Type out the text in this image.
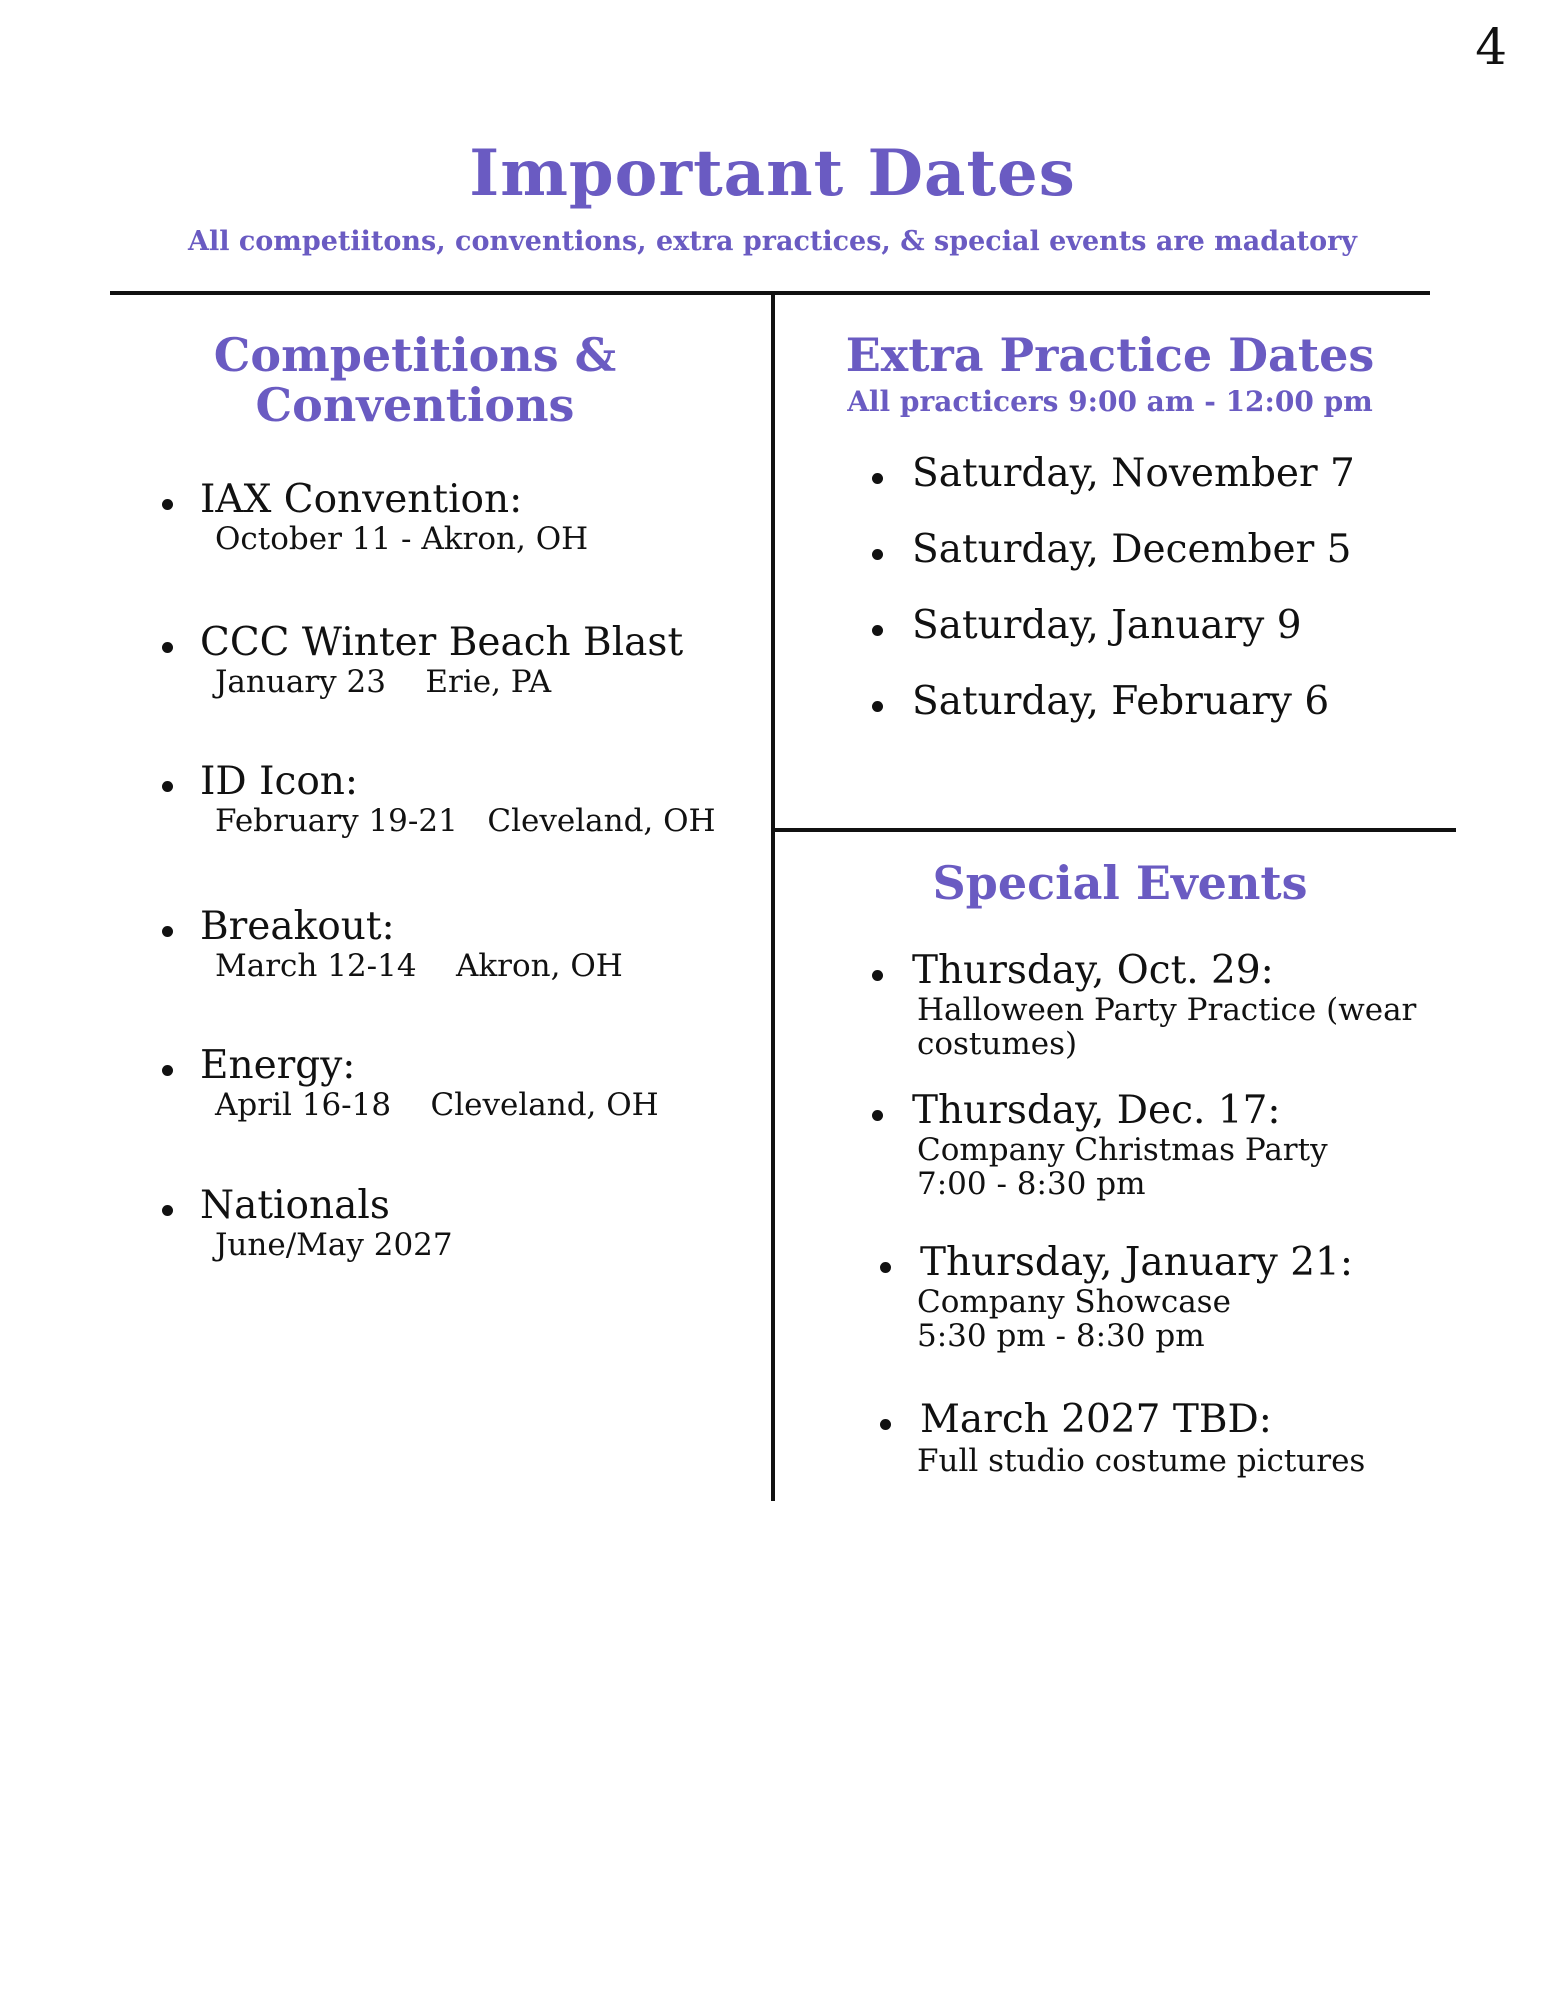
4
Important Dates
All competiitons, conventions, extra practices, & special events are madatory
Competitions &
Conventions
IAX Convention:
October 11 - Akron, OH
CCC Winter Beach Blast
January 23    Erie, PA
ID Icon:
February 19-21   Cleveland, OH
Breakout:
March 12-14    Akron, OH
Energy:
April 16-18    Cleveland, OH
Nationals
June/May 2027
Extra Practice Dates
All practicers 9:00 am - 12:00 pm
Saturday, November 7
Saturday, December 5
Saturday, January 9
Saturday, February 6
Special Events
Thursday, Oct. 29:
Halloween Party Practice (wear
costumes)
Thursday, Dec. 17:
Company Christmas Party
7:00 - 8:30 pm
Thursday, January 21:
Company Showcase
5:30 pm - 8:30 pm
March 2027 TBD:
Full studio costume pictures
